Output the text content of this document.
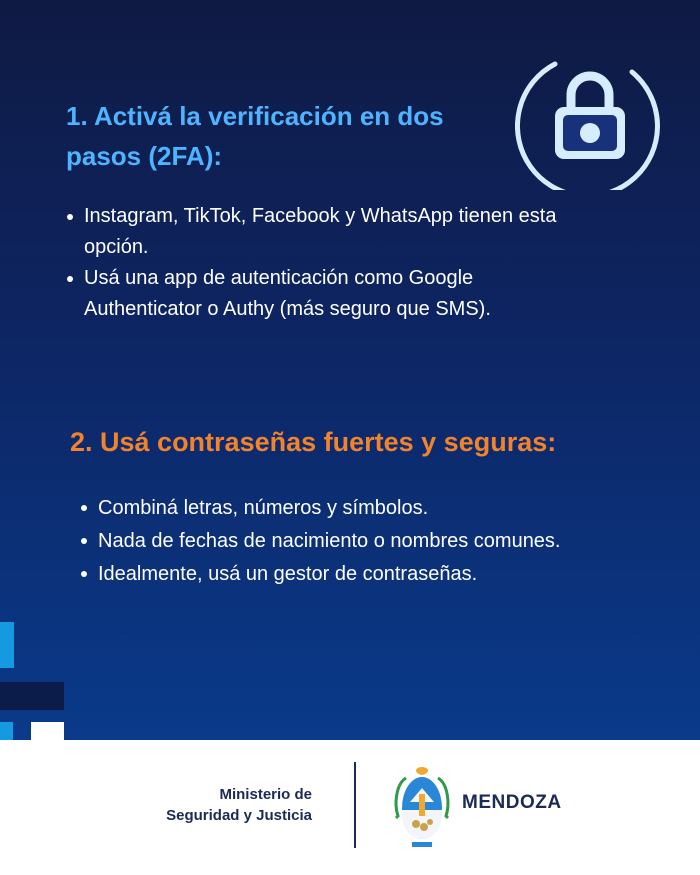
1. Activá la verificación en dos pasos (2FA):
Instagram, TikTok, Facebook y WhatsApp tienen esta opción.
Usá una app de autenticación como Google Authenticator o Authy (más seguro que SMS).
2. Usá contraseñas fuertes y seguras:
Combiná letras, números y símbolos.
Nada de fechas de nacimiento o nombres comunes.
Idealmente, usá un gestor de contraseñas.
Ministerio de
Seguridad y Justicia
MENDOZA
